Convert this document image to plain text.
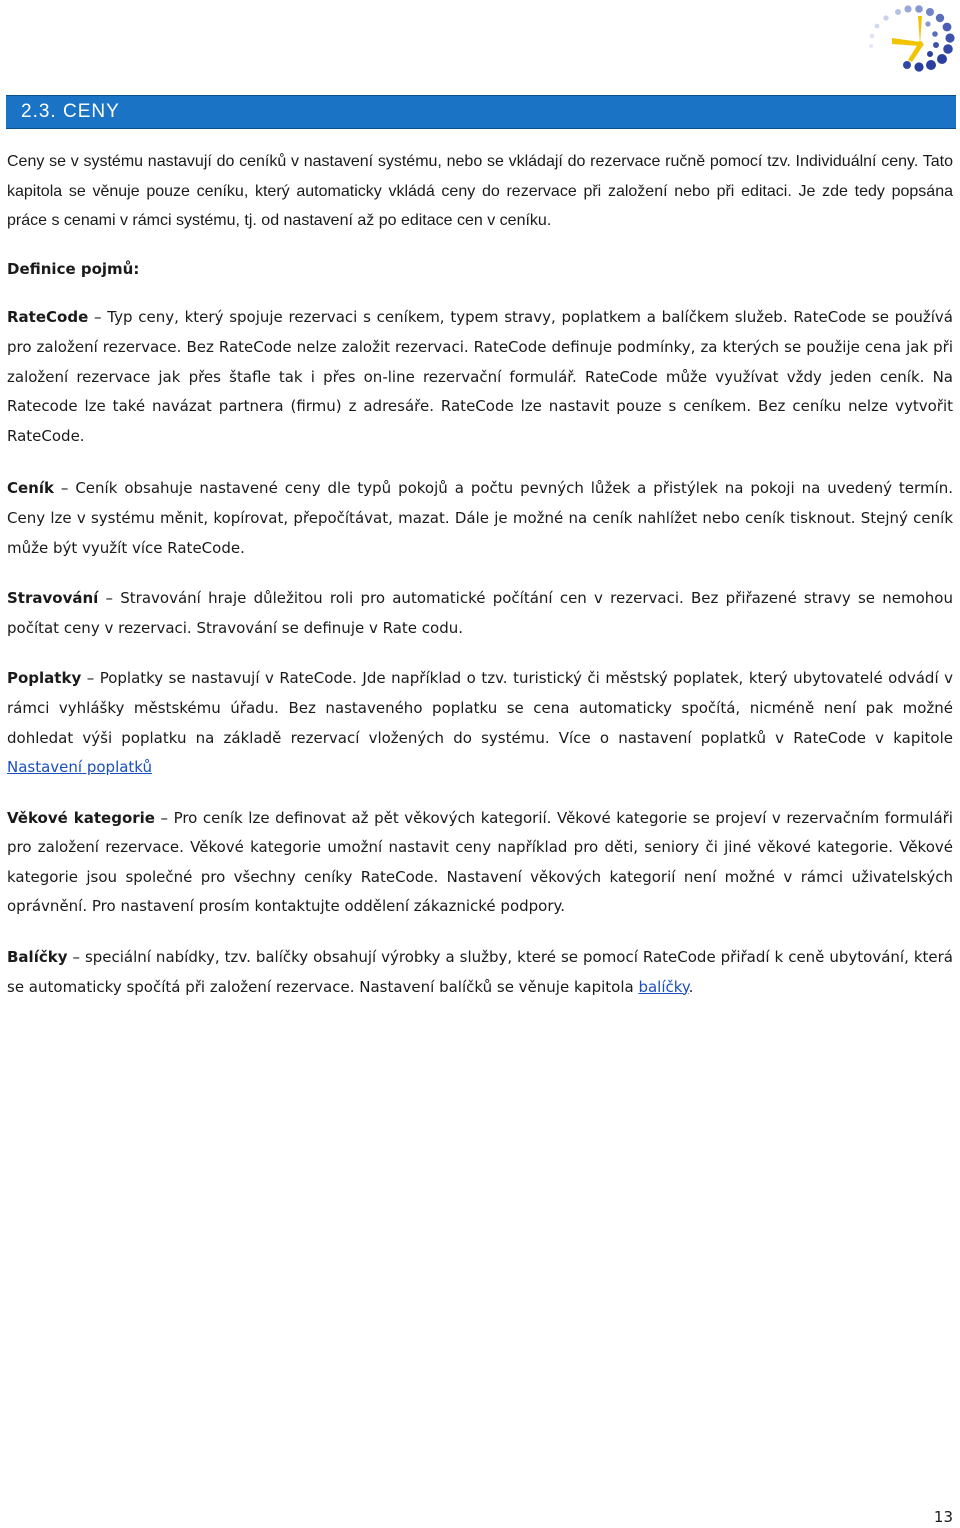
2.3. CENY

Ceny se v systému nastavují do ceníků v nastavení systému, nebo se vkládají do rezervace ručně pomocí tzv. Individuální ceny. Tato kapitola se věnuje pouze ceníku, který automaticky vkládá ceny do rezervace při založení nebo při editaci. Je zde tedy popsána práce s cenami v rámci systému, tj. od nastavení až po editace cen v ceníku.

Definice pojmů:

RateCode – Typ ceny, který spojuje rezervaci s ceníkem, typem stravy, poplatkem a balíčkem služeb. RateCode se používá pro založení rezervace. Bez RateCode nelze založit rezervaci. RateCode definuje podmínky, za kterých se použije cena jak při založení rezervace jak přes štafle tak i přes on-line rezervační formulář. RateCode může využívat vždy jeden ceník. Na Ratecode lze také navázat partnera (firmu) z adresáře. RateCode lze nastavit pouze s ceníkem. Bez ceníku nelze vytvořit RateCode.

Ceník – Ceník obsahuje nastavené ceny dle typů pokojů a počtu pevných lůžek a přistýlek na pokoji na uvedený termín. Ceny lze v systému měnit, kopírovat, přepočítávat, mazat. Dále je možné na ceník nahlížet nebo ceník tisknout. Stejný ceník může být využít více RateCode.

Stravování – Stravování hraje důležitou roli pro automatické počítání cen v rezervaci. Bez přiřazené stravy se nemohou počítat ceny v rezervaci. Stravování se definuje v Rate codu.

Poplatky – Poplatky se nastavují v RateCode. Jde například o tzv. turistický či městský poplatek, který ubytovatelé odvádí v rámci vyhlášky městskému úřadu. Bez nastaveného poplatku se cena automaticky spočítá, nicméně není pak možné dohledat výši poplatku na základě rezervací vložených do systému. Více o nastavení poplatků v RateCode v kapitole Nastavení poplatků

Věkové kategorie – Pro ceník lze definovat až pět věkových kategorií. Věkové kategorie se projeví v rezervačním formuláři pro založení rezervace. Věkové kategorie umožní nastavit ceny například pro děti, seniory či jiné věkové kategorie. Věkové kategorie jsou společné pro všechny ceníky RateCode. Nastavení věkových kategorií není možné v rámci uživatelských oprávnění. Pro nastavení prosím kontaktujte oddělení zákaznické podpory.

Balíčky – speciální nabídky, tzv. balíčky obsahují výrobky a služby, které se pomocí RateCode přiřadí k ceně ubytování, která se automaticky spočítá při založení rezervace. Nastavení balíčků se věnuje kapitola balíčky.

13
